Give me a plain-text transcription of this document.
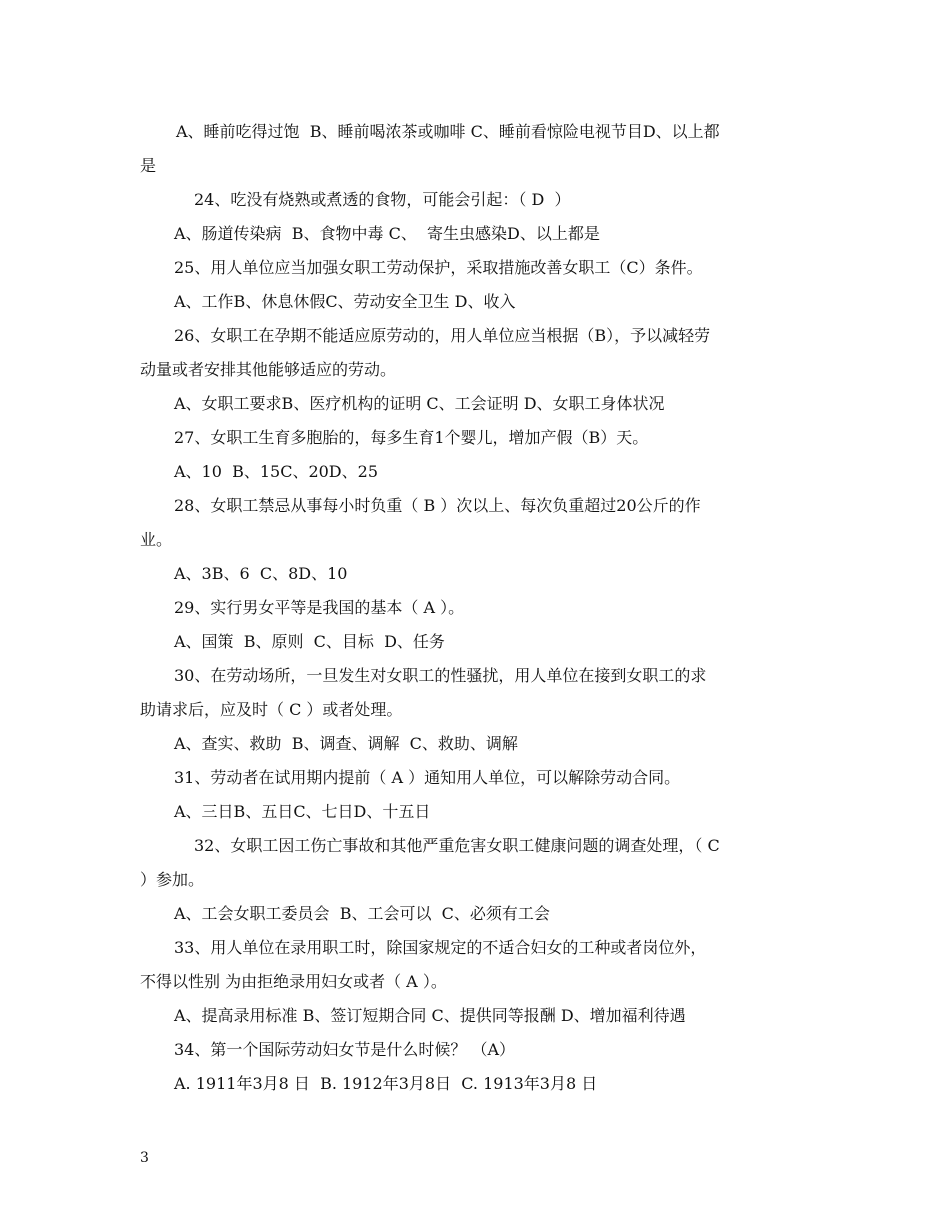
A、睡前吃得过饱  B、睡前喝浓茶或咖啡 C、睡前看惊险电视节目D、以上都
是
24、吃没有烧熟或煮透的食物，可能会引起：（ D  ）
A、肠道传染病  B、食物中毒 C、  寄生虫感染D、以上都是
25、用人单位应当加强女职工劳动保护，采取措施改善女职工（C）条件。
A、工作B、休息休假C、劳动安全卫生 D、收入
26、女职工在孕期不能适应原劳动的，用人单位应当根据（B），予以减轻劳
动量或者安排其他能够适应的劳动。
A、女职工要求B、医疗机构的证明 C、工会证明 D、女职工身体状况
27、女职工生育多胞胎的，每多生育1个婴儿，增加产假（B）天。
A、10  B、15C、20D、25
28、女职工禁忌从事每小时负重（ B ）次以上、每次负重超过20公斤的作
业。
A、3B、6  C、8D、10
29、实行男女平等是我国的基本（ A ）。
A、国策  B、原则  C、目标  D、任务
30、在劳动场所，一旦发生对女职工的性骚扰，用人单位在接到女职工的求
助请求后，应及时（ C ）或者处理。
A、查实、救助  B、调查、调解  C、救助、调解
31、劳动者在试用期内提前（ A ）通知用人单位，可以解除劳动合同。
A、三日B、五日C、七日D、十五日
32、女职工因工伤亡事故和其他严重危害女职工健康问题的调查处理，（ C
）参加。
A、工会女职工委员会  B、工会可以  C、必须有工会
33、用人单位在录用职工时，除国家规定的不适合妇女的工种或者岗位外，
不得以性别 为由拒绝录用妇女或者（ A ）。
A、提高录用标准 B、签订短期合同 C、提供同等报酬 D、增加福利待遇
34、第一个国际劳动妇女节是什么时候？ （A）
A. 1911年3月8 日  B. 1912年3月8日  C. 1913年3月8 日
3
